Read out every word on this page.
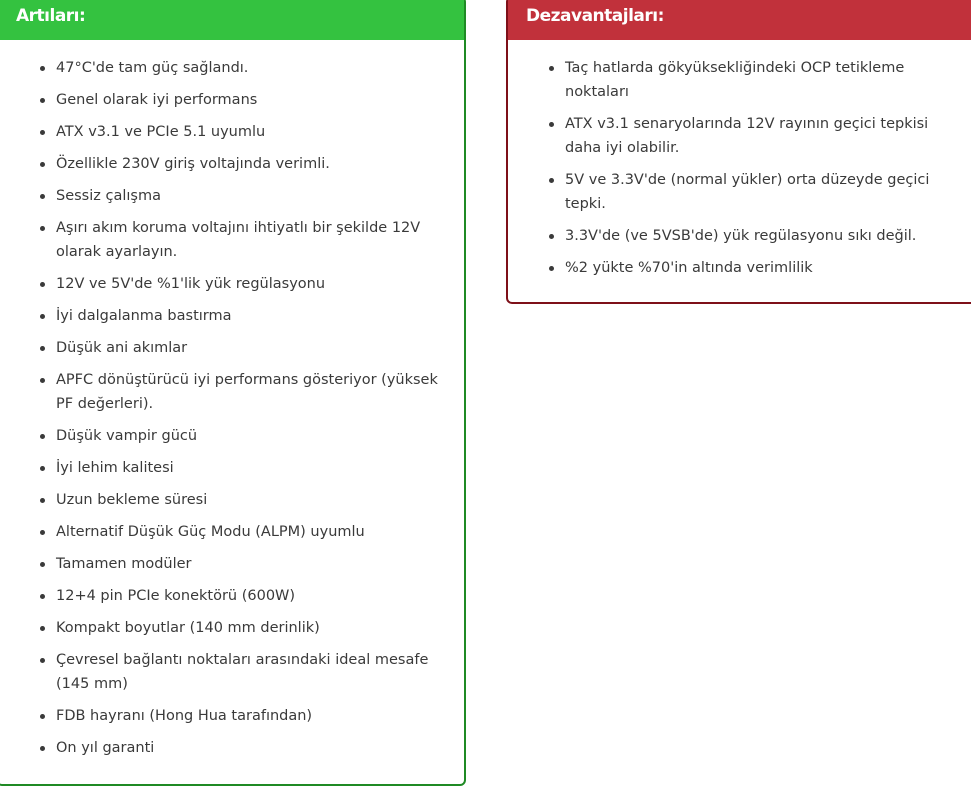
Artıları:
47°C'de tam güç sağlandı.
Genel olarak iyi performans
ATX v3.1 ve PCIe 5.1 uyumlu
Özellikle 230V giriş voltajında verimli.
Sessiz çalışma
Aşırı akım koruma voltajını ihtiyatlı bir şekilde 12V olarak ayarlayın.
12V ve 5V'de %1'lik yük regülasyonu
İyi dalgalanma bastırma
Düşük ani akımlar
APFC dönüştürücü iyi performans gösteriyor (yüksek PF değerleri).
Düşük vampir gücü
İyi lehim kalitesi
Uzun bekleme süresi
Alternatif Düşük Güç Modu (ALPM) uyumlu
Tamamen modüler
12+4 pin PCIe konektörü (600W)
Kompakt boyutlar (140 mm derinlik)
Çevresel bağlantı noktaları arasındaki ideal mesafe (145 mm)
FDB hayranı (Hong Hua tarafından)
On yıl garanti
Dezavantajları:
Taç hatlarda gökyüksekliğindeki OCP tetikleme noktaları
ATX v3.1 senaryolarında 12V rayının geçici tepkisi daha iyi olabilir.
5V ve 3.3V'de (normal yükler) orta düzeyde geçici tepki.
3.3V'de (ve 5VSB'de) yük regülasyonu sıkı değil.
%2 yükte %70'in altında verimlilik
